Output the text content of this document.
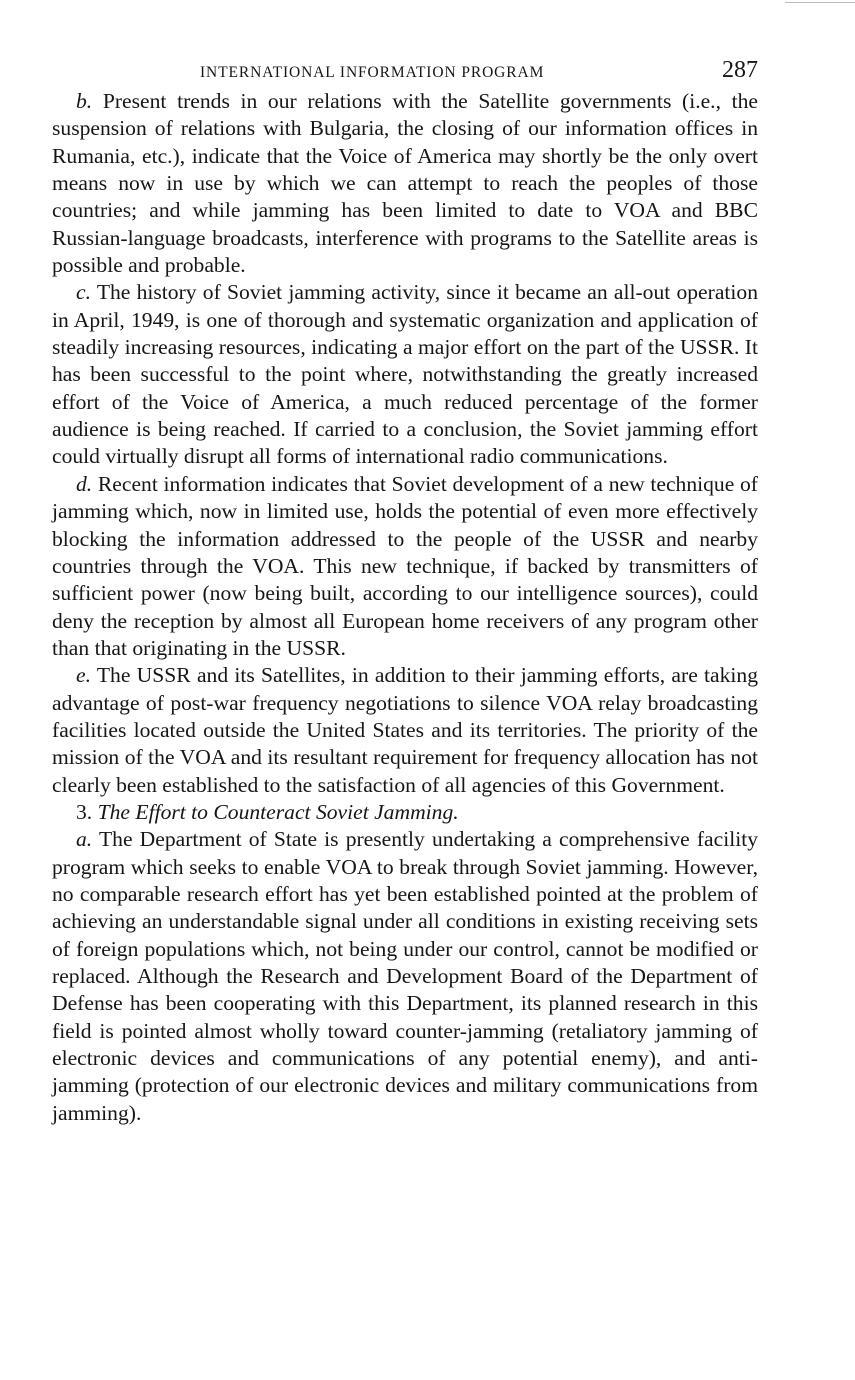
INTERNATIONAL INFORMATION PROGRAM	287

b. Present trends in our relations with the Satellite governments (i.e., the suspension of relations with Bulgaria, the closing of our information offices in Rumania, etc.), indicate that the Voice of America may shortly be the only overt means now in use by which we can attempt to reach the peoples of those countries; and while jamming has been limited to date to VOA and BBC Russian-language broadcasts, interference with programs to the Satellite areas is possible and probable.

c. The history of Soviet jamming activity, since it became an all-out operation in April, 1949, is one of thorough and systematic organization and application of steadily increasing resources, indicating a major effort on the part of the USSR. It has been successful to the point where, notwithstanding the greatly increased effort of the Voice of America, a much reduced percentage of the former audience is being reached. If carried to a conclusion, the Soviet jamming effort could virtually disrupt all forms of international radio communications.

d. Recent information indicates that Soviet development of a new technique of jamming which, now in limited use, holds the potential of even more effectively blocking the information addressed to the people of the USSR and nearby countries through the VOA. This new technique, if backed by transmitters of sufficient power (now being built, according to our intelligence sources), could deny the reception by almost all European home receivers of any program other than that originating in the USSR.

e. The USSR and its Satellites, in addition to their jamming efforts, are taking advantage of post-war frequency negotiations to silence VOA relay broadcasting facilities located outside the United States and its territories. The priority of the mission of the VOA and its resultant requirement for frequency allocation has not clearly been established to the satisfaction of all agencies of this Government.

3. The Effort to Counteract Soviet Jamming.

a. The Department of State is presently undertaking a comprehensive facility program which seeks to enable VOA to break through Soviet jamming. However, no comparable research effort has yet been established pointed at the problem of achieving an understandable signal under all conditions in existing receiving sets of foreign populations which, not being under our control, cannot be modified or replaced. Although the Research and Development Board of the Department of Defense has been cooperating with this Department, its planned research in this field is pointed almost wholly toward counter-jamming (retaliatory jamming of electronic devices and communications of any potential enemy), and anti-jamming (protection of our electronic devices and military communications from jamming).
